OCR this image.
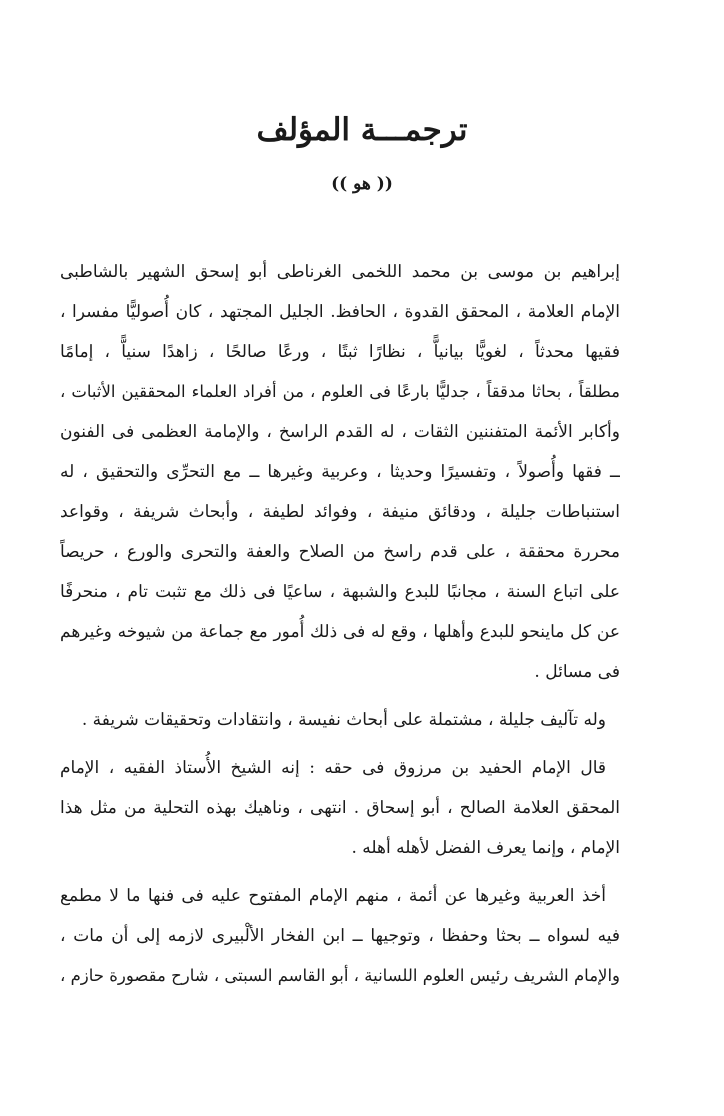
ترجمـــة المؤلف
(( هو ))
إبراهيم بن موسى بن محمد اللخمى الغرناطى أبو إسحق الشهير بالشاطبى
الإمام العلامة ، المحقق القدوة ، الحافظ. الجليل المجتهد ، كان أُصوليًّا مفسرا ،
فقيها محدثاً ، لغويًّا بيانياًّ ، نظارًا ثبتًا ، ورعًا صالحًا ، زاهدًا سنياًّ ، إمامًا
مطلقاً ، بحاثا مدققاً ، جدليًّا بارعًا فى العلوم ، من أفراد العلماء المحققين الأثبات ،
وأكابر الأئمة المتفننين الثقات ، له القدم الراسخ ، والإمامة العظمى فى الفنون
ــ فقها وأُصولاً ، وتفسيرًا وحديثا ، وعربية وغيرها ــ مع التحرِّى والتحقيق ، له
استنباطات جليلة ، ودقائق منيفة ، وفوائد لطيفة ، وأبحاث شريفة ، وقواعد
محررة محققة ، على قدم راسخ من الصلاح والعفة والتحرى والورع ، حريصاً
على اتباع السنة ، مجانبًا للبدع والشبهة ، ساعيًا فى ذلك مع تثبت تام ، منحرفًا
عن كل ماينحو للبدع وأهلها ، وقع له فى ذلك أُمور مع جماعة من شيوخه وغيرهم
فى مسائل .
وله تآليف جليلة ، مشتملة على أبحاث نفيسة ، وانتقادات وتحقيقات شريفة .
قال الإمام الحفيد بن مرزوق فى حقه : إنه الشيخ الأُستاذ الفقيه ، الإمام
المحقق العلامة الصالح ، أبو إسحاق . انتهى ، وناهيك بهذه التحلية من مثل هذا
الإمام ، وإنما يعرف الفضل لأهله أهله .
أخذ العربية وغيرها عن أئمة ، منهم الإمام المفتوح عليه فى فنها ما لا مطمع
فيه لسواه ــ بحثا وحفظا ، وتوجيها ــ ابن الفخار الألْبيرى لازمه إلى أن مات ،
والإمام الشريف رئيس العلوم اللسانية ، أبو القاسم السبتى ، شارح مقصورة حازم ،
